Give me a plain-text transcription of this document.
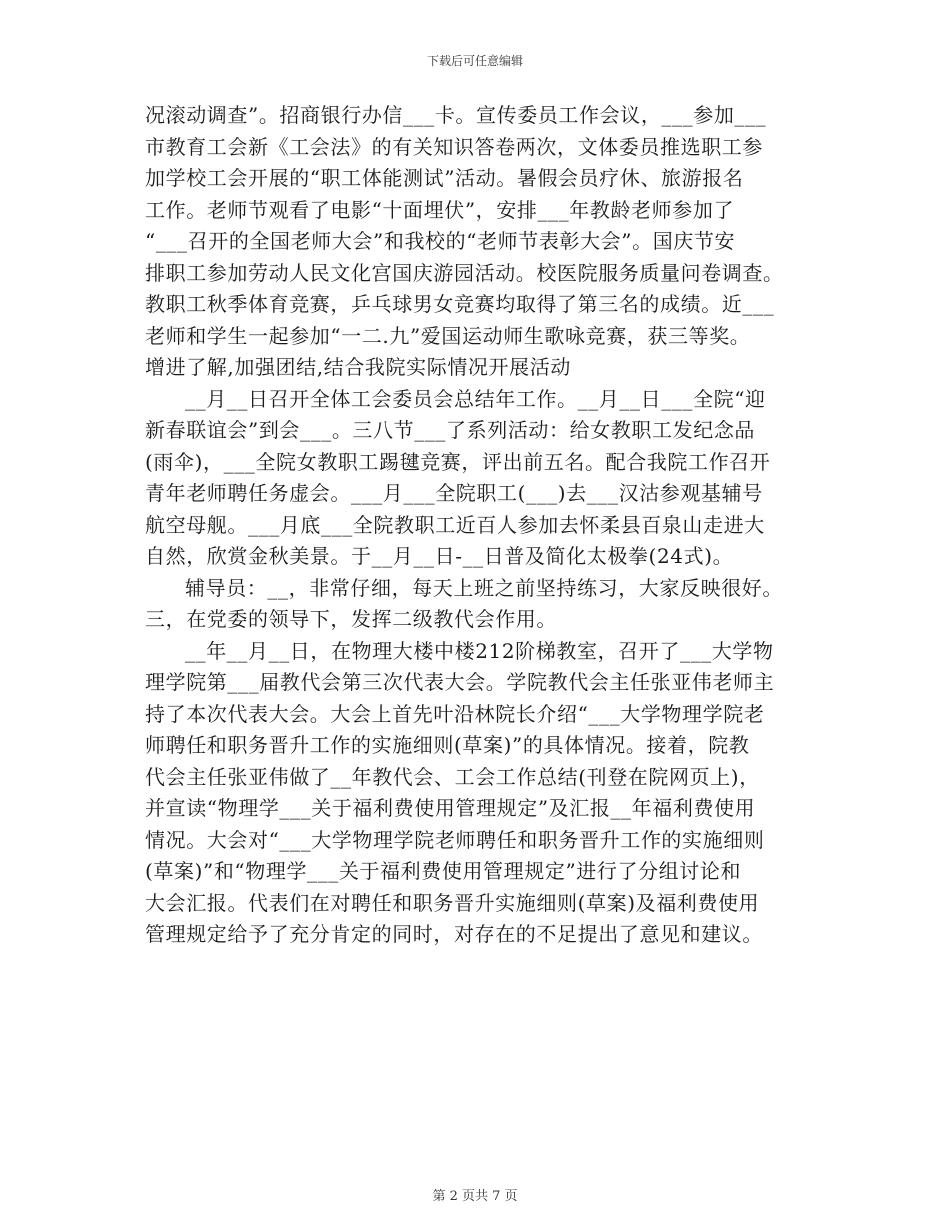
下载后可任意编辑
况滚动调查”。招商银行办信___卡。宣传委员工作会议，___参加___
市教育工会新《工会法》的有关知识答卷两次，文体委员推选职工参
加学校工会开展的“职工体能测试”活动。暑假会员疗休、旅游报名
工作。老师节观看了电影“十面埋伏”，安排___年教龄老师参加了
“___召开的全国老师大会”和我校的“老师节表彰大会”。国庆节安
排职工参加劳动人民文化宫国庆游园活动。校医院服务质量问卷调查。
教职工秋季体育竞赛，乒乓球男女竞赛均取得了第三名的成绩。近___
老师和学生一起参加“一二.九”爱国运动师生歌咏竞赛，获三等奖。
增进了解,加强团结,结合我院实际情况开展活动
__月__日召开全体工会委员会总结年工作。__月__日___全院“迎
新春联谊会”到会___。三八节___了系列活动：给女教职工发纪念品
(雨伞)，___全院女教职工踢毽竞赛，评出前五名。配合我院工作召开
青年老师聘任务虚会。___月___全院职工(___)去___汉沽参观基辅号
航空母舰。___月底___全院教职工近百人参加去怀柔县百泉山走进大
自然，欣赏金秋美景。于__月__日-__日普及简化太极拳(24式)。
辅导员：__，非常仔细，每天上班之前坚持练习，大家反映很好。
三，在党委的领导下，发挥二级教代会作用。
__年__月__日，在物理大楼中楼212阶梯教室，召开了___大学物
理学院第___届教代会第三次代表大会。学院教代会主任张亚伟老师主
持了本次代表大会。大会上首先叶沿林院长介绍“___大学物理学院老
师聘任和职务晋升工作的实施细则(草案)”的具体情况。接着，院教
代会主任张亚伟做了__年教代会、工会工作总结(刊登在院网页上)，
并宣读“物理学___关于福利费使用管理规定”及汇报__年福利费使用
情况。大会对“___大学物理学院老师聘任和职务晋升工作的实施细则
(草案)”和“物理学___关于福利费使用管理规定”进行了分组讨论和
大会汇报。代表们在对聘任和职务晋升实施细则(草案)及福利费使用
管理规定给予了充分肯定的同时，对存在的不足提出了意见和建议。
第 2 页共 7 页
